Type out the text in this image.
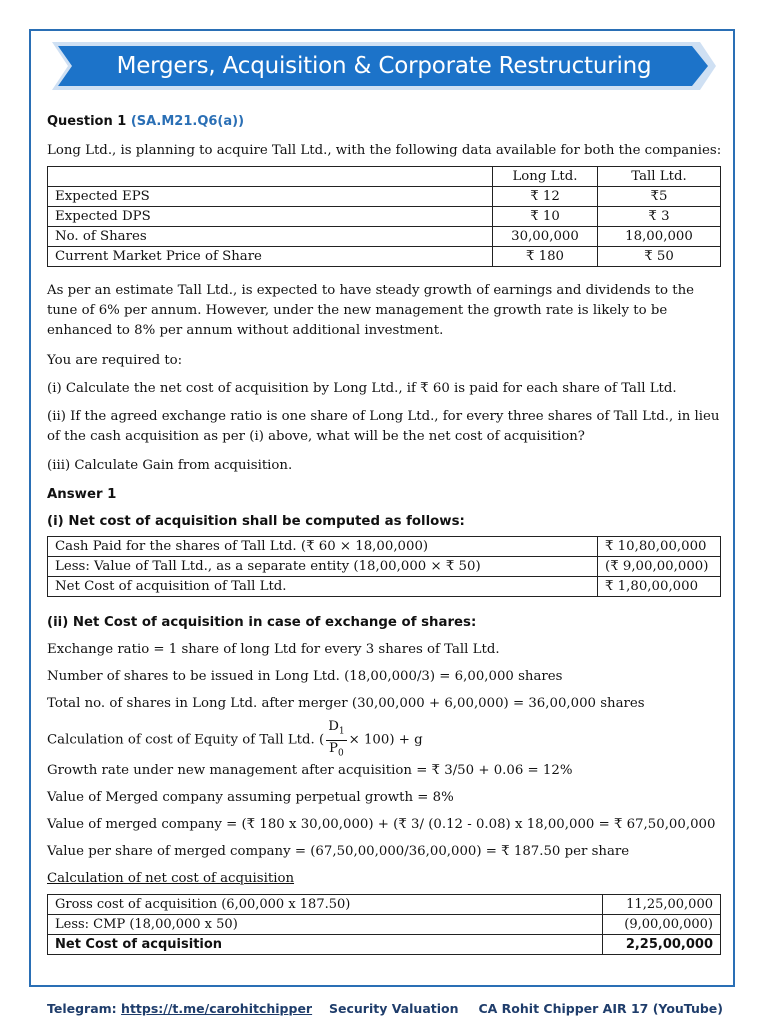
Mergers, Acquisition & Corporate Restructuring

Question 1 (SA.M21.Q6(a))

Long Ltd., is planning to acquire Tall Ltd., with the following data available for both the companies:

	Long Ltd.	Tall Ltd.
Expected EPS	₹ 12	₹5
Expected DPS	₹ 10	₹ 3
No. of Shares	30,00,000	18,00,000
Current Market Price of Share	₹ 180	₹ 50

As per an estimate Tall Ltd., is expected to have steady growth of earnings and dividends to the tune of 6% per annum. However, under the new management the growth rate is likely to be enhanced to 8% per annum without additional investment.

You are required to:

(i) Calculate the net cost of acquisition by Long Ltd., if ₹ 60 is paid for each share of Tall Ltd.

(ii) If the agreed exchange ratio is one share of Long Ltd., for every three shares of Tall Ltd., in lieu of the cash acquisition as per (i) above, what will be the net cost of acquisition?

(iii) Calculate Gain from acquisition.

Answer 1

(i) Net cost of acquisition shall be computed as follows:

Cash Paid for the shares of Tall Ltd. (₹ 60 × 18,00,000)	₹ 10,80,00,000
Less: Value of Tall Ltd., as a separate entity (18,00,000 × ₹ 50)	(₹ 9,00,00,000)
Net Cost of acquisition of Tall Ltd.	₹ 1,80,00,000

(ii) Net Cost of acquisition in case of exchange of shares:

Exchange ratio = 1 share of long Ltd for every 3 shares of Tall Ltd.

Number of shares to be issued in Long Ltd. (18,00,000/3) = 6,00,000 shares

Total no. of shares in Long Ltd. after merger (30,00,000 + 6,00,000) = 36,00,000 shares

Calculation of cost of Equity of Tall Ltd. ( $\frac{D_1}{P_0} \times 100) + g$

Growth rate under new management after acquisition = ₹ 3/50 + 0.06 = 12%

Value of Merged company assuming perpetual growth = 8%

Value of merged company = (₹ 180 x 30,00,000) + (₹ 3/ (0.12 - 0.08) x 18,00,000 = ₹ 67,50,00,000

Value per share of merged company = (67,50,00,000/36,00,000) = ₹ 187.50 per share

Calculation of net cost of acquisition

Gross cost of acquisition (6,00,000 x 187.50)	11,25,00,000
Less: CMP (18,00,000 x 50)	(9,00,00,000)
Net Cost of acquisition	2,25,00,000
Telegram: https://t.me/carohitchipper Security Valuation CA Rohit Chipper AIR 17 (YouTube)
